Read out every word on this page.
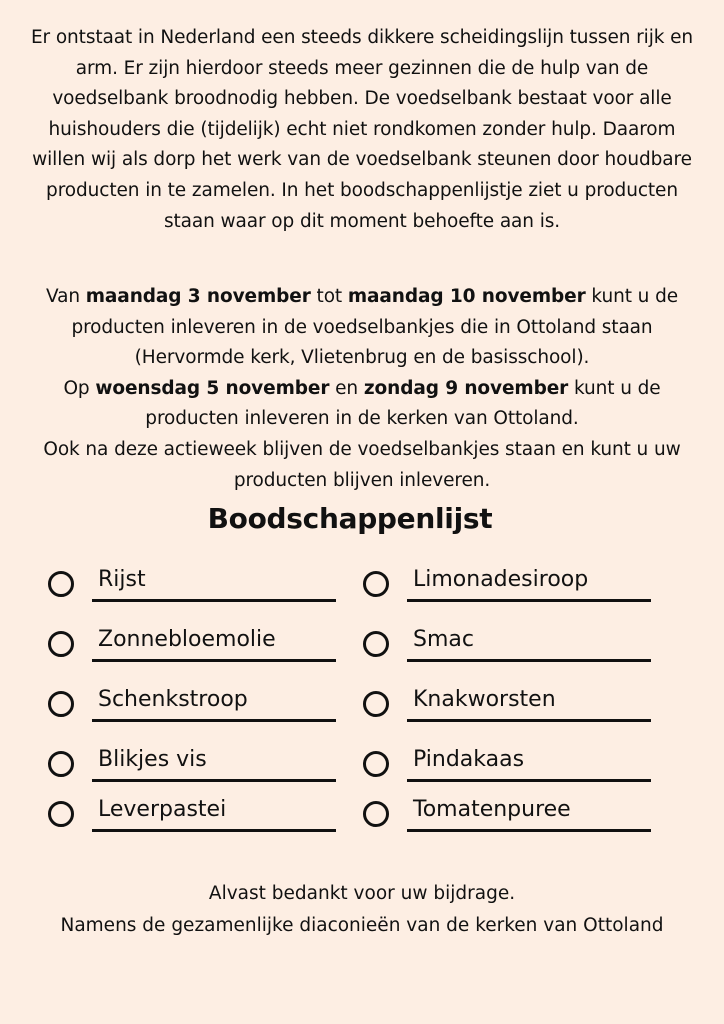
Er ontstaat in Nederland een steeds dikkere scheidingslijn tussen rijk en arm. Er zijn hierdoor steeds meer gezinnen die de hulp van de voedselbank broodnodig hebben. De voedselbank bestaat voor alle huishouders die (tijdelijk) echt niet rondkomen zonder hulp. Daarom willen wij als dorp het werk van de voedselbank steunen door houdbare producten in te zamelen. In het boodschappenlijstje ziet u producten staan waar op dit moment behoefte aan is.

Van maandag 3 november tot maandag 10 november kunt u de producten inleveren in de voedselbankjes die in Ottoland staan (Hervormde kerk, Vlietenbrug en de basisschool).

Op woensdag 5 november en zondag 9 november kunt u de producten inleveren in de kerken van Ottoland.

Ook na deze actieweek blijven de voedselbankjes staan en kunt u uw producten blijven inleveren.

Boodschappenlijst
Rijst
Zonnebloemolie
Schenkstroop
Blikjes vis
Leverpastei
Limonadesiroop
Smac
Knakworsten
Pindakaas
Tomatenpuree

Alvast bedankt voor uw bijdrage.

Namens de gezamenlijke diaconieën van de kerken van Ottoland
